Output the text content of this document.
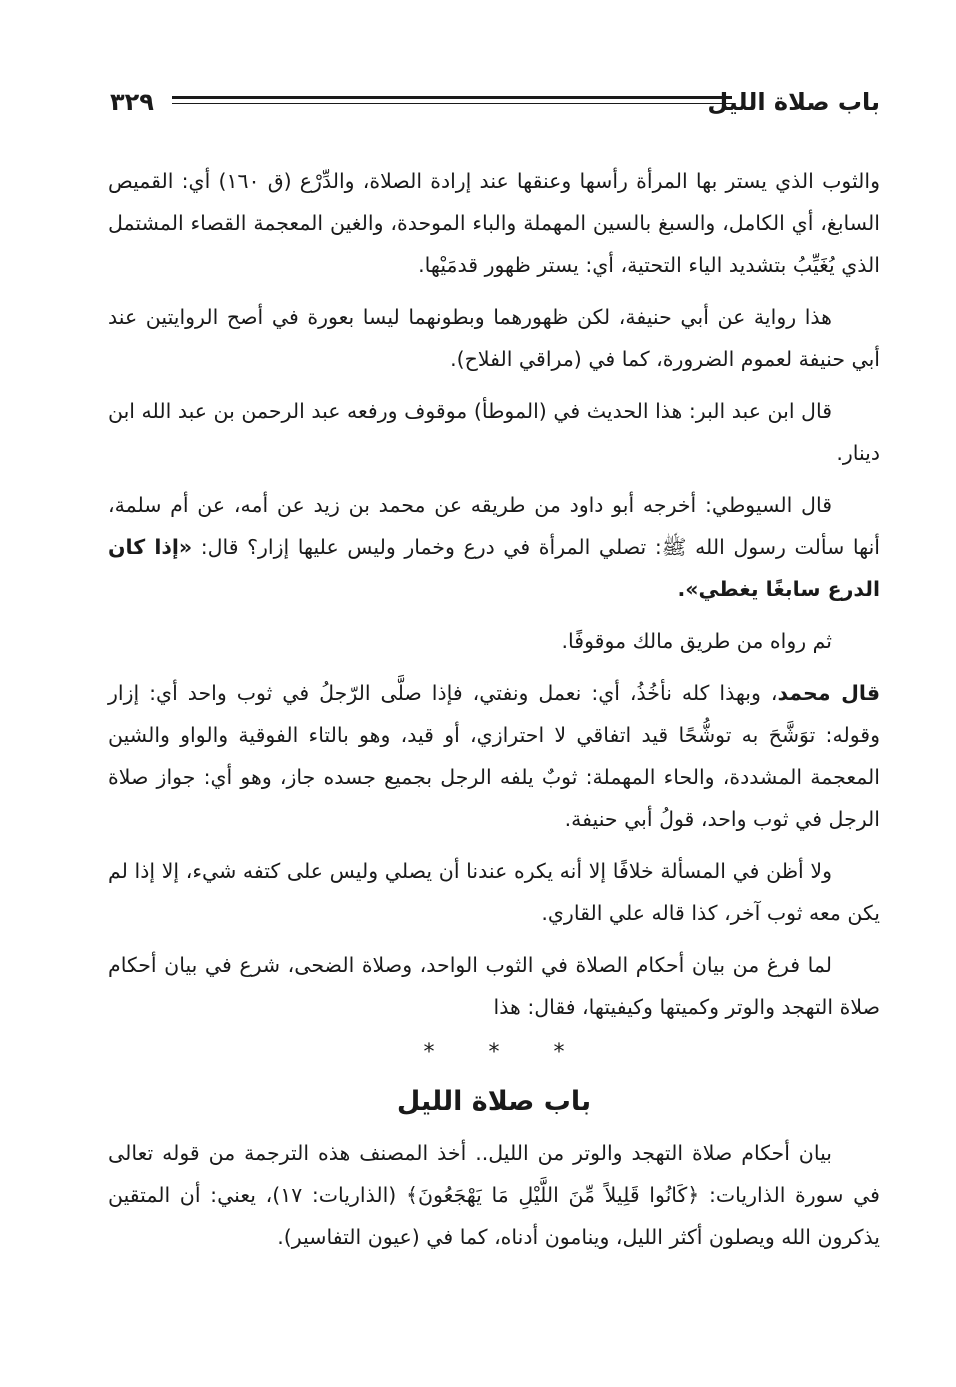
باب صلاة الليل
٣٢٩

والثوب الذي يستر بها المرأة رأسها وعنقها عند إرادة الصلاة، والدِّرْع (ق ١٦٠) أي: القميص السابغ، أي الكامل، والسبغ بالسين المهملة والباء الموحدة، والغين المعجمة القصاء المشتمل الذي يُغَيِّبُ بتشديد الياء التحتية، أي: يستر ظهور قدمَيْها.

هذا رواية عن أبي حنيفة، لكن ظهورهما وبطونهما ليسا بعورة في أصح الروايتين عند أبي حنيفة لعموم الضرورة، كما في (مراقي الفلاح).

قال ابن عبد البر: هذا الحديث في (الموطأ) موقوف ورفعه عبد الرحمن بن عبد الله ابن دينار.

قال السيوطي: أخرجه أبو داود من طريقه عن محمد بن زيد عن أمه، عن أم سلمة، أنها سألت رسول الله ﷺ: تصلي المرأة في درع وخمار وليس عليها إزار؟ قال: «إذا كان الدرع سابغًا يغطي».

ثم رواه من طريق مالك موقوفًا.

قال محمد، وبهذا كله نأخُذُ، أي: نعمل ونفتي، فإذا صلَّى الرّجلُ في ثوب واحد أي: إزار وقوله: توَشَّحَ به توشُّحًا قيد اتفاقي لا احترازي، أو قيد، وهو بالتاء الفوقية والواو والشين المعجمة المشددة، والحاء المهملة: ثوبٌ يلفه الرجل بجميع جسده جاز، وهو أي: جواز صلاة الرجل في ثوب واحد، قولُ أبي حنيفة.

ولا أظن في المسألة خلافًا إلا أنه يكره عندنا أن يصلي وليس على كتفه شيء، إلا إذا لم يكن معه ثوب آخر، كذا قاله علي القاري.

لما فرغ من بيان أحكام الصلاة في الثوب الواحد، وصلاة الضحى، شرع في بيان أحكام صلاة التهجد والوتر وكميتها وكيفيتها، فقال: هذا

*
*
*
باب صلاة الليل

بيان أحكام صلاة التهجد والوتر من الليل.. أخذ المصنف هذه الترجمة من قوله تعالى في سورة الذاريات: ﴿كَانُوا قَلِيلاً مِّنَ اللَّيْلِ مَا يَهْجَعُونَ﴾ (الذاريات: ١٧)، يعني: أن المتقين يذكرون الله ويصلون أكثر الليل، وينامون أدناه، كما في (عيون التفاسير).
